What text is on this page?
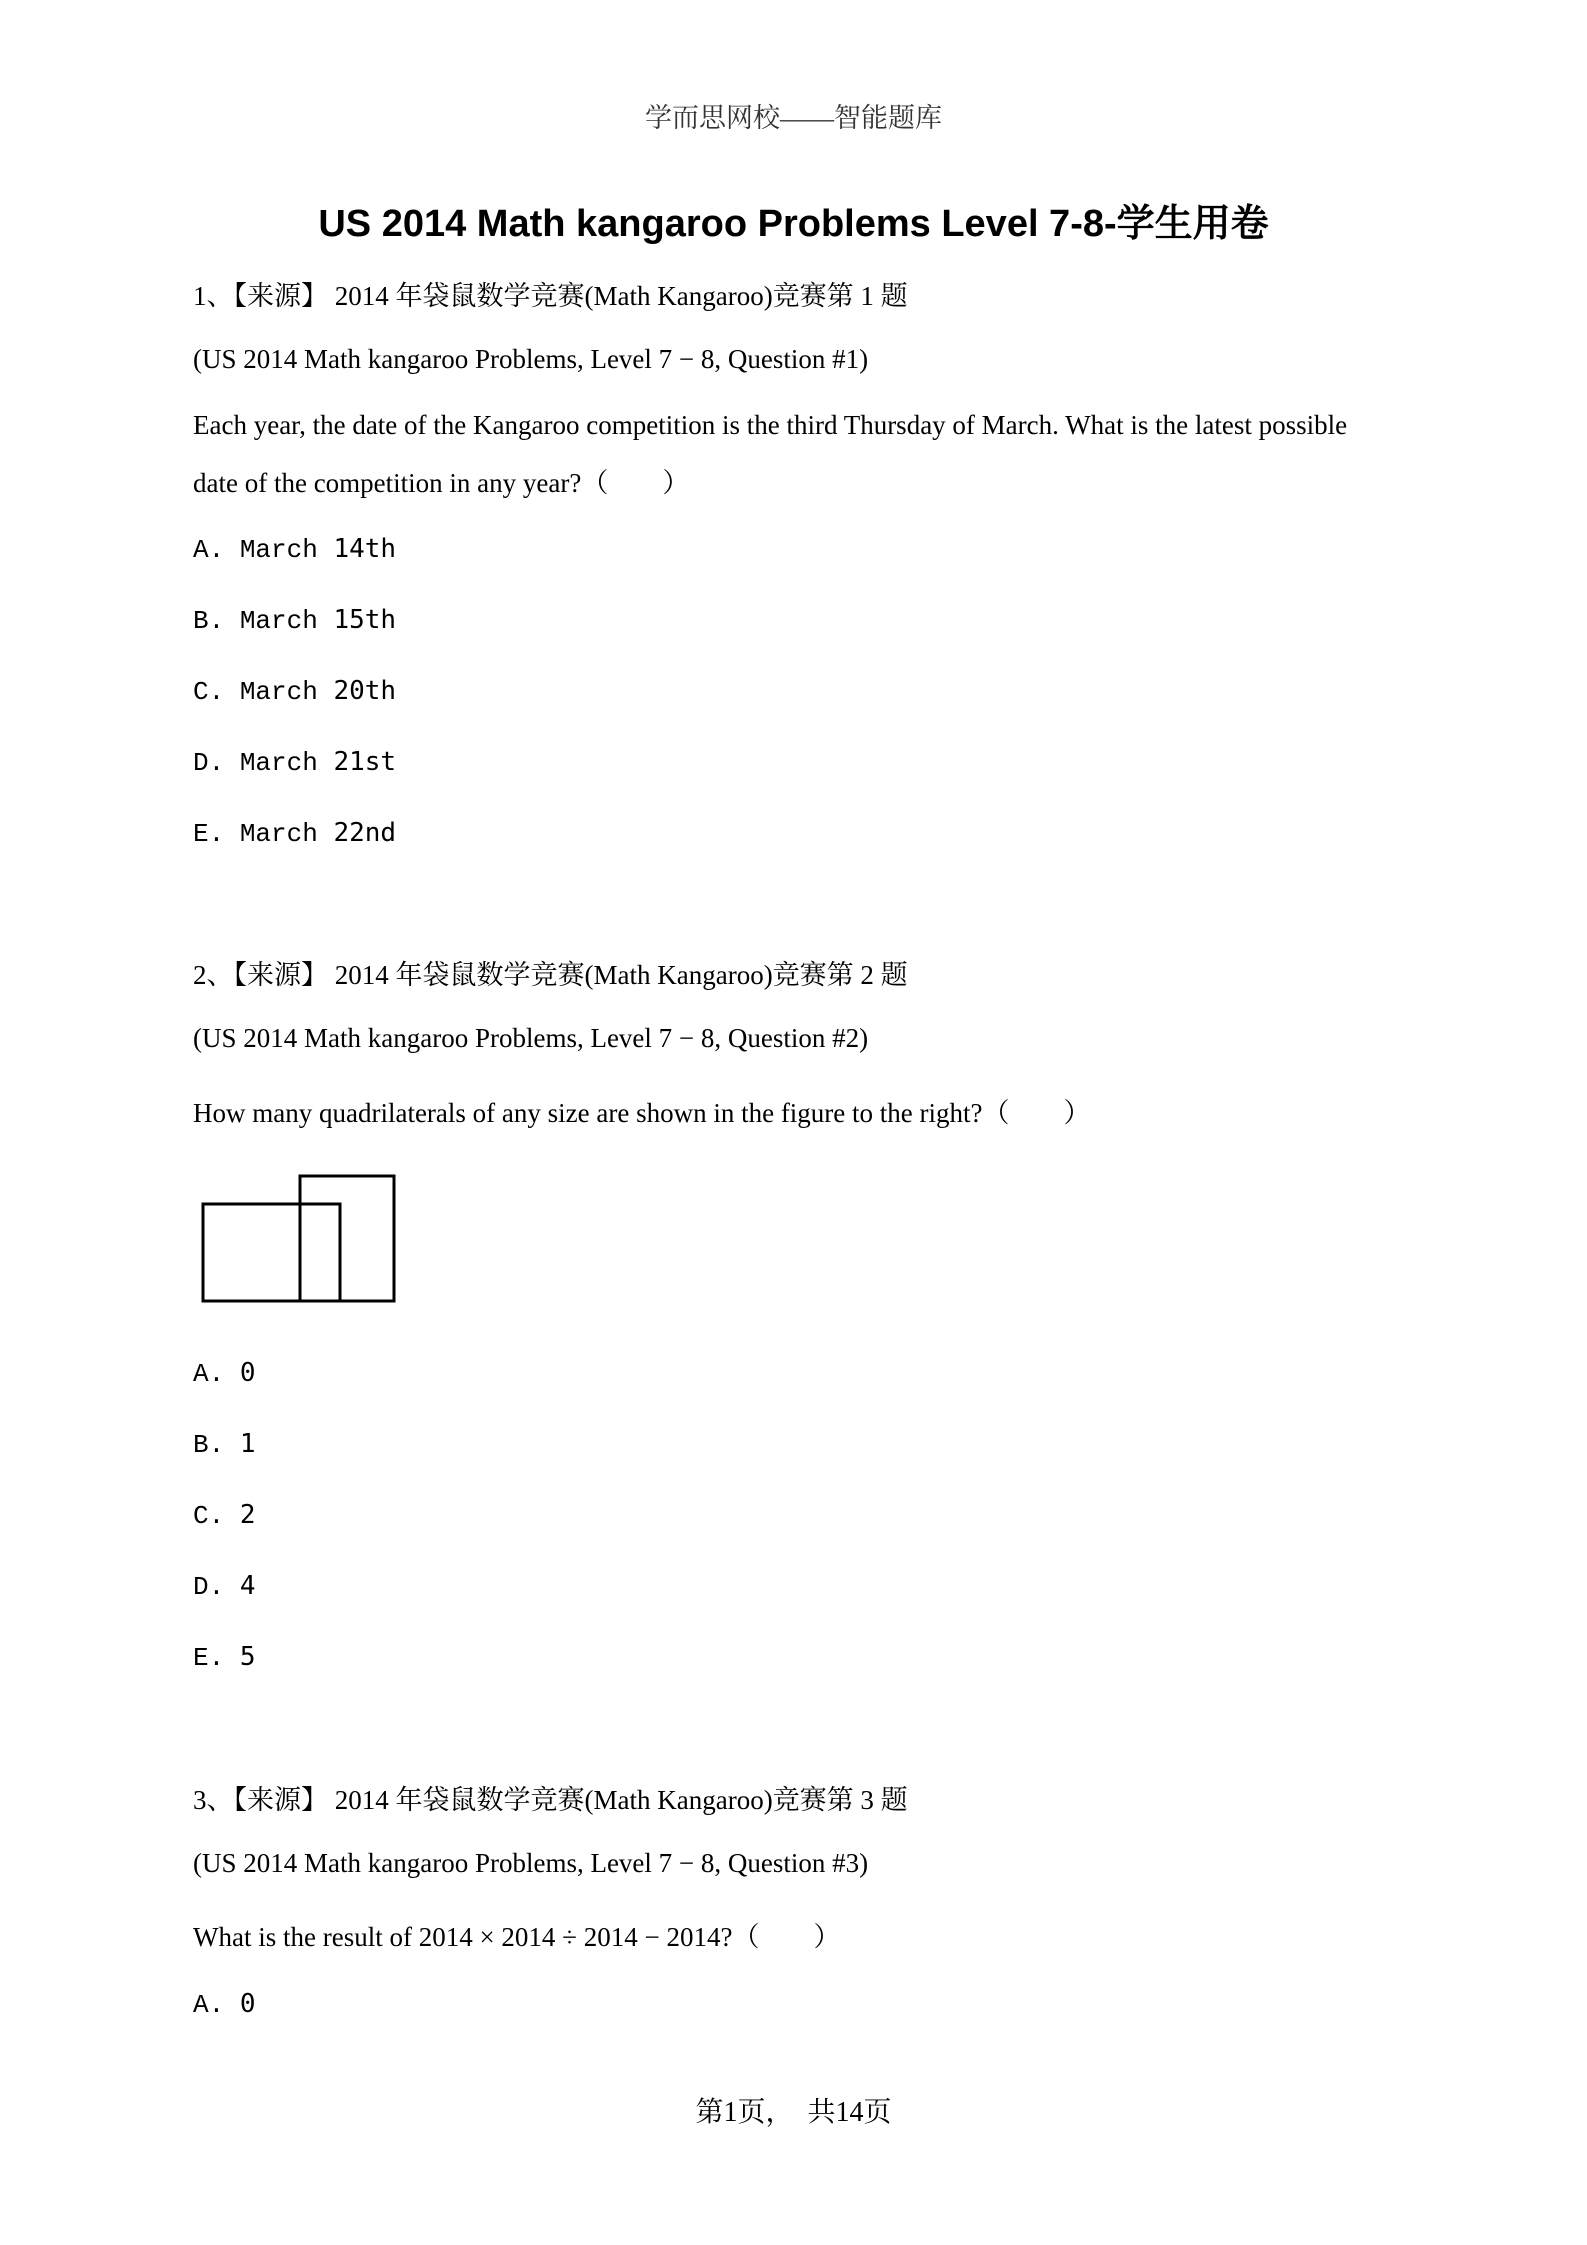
学而思网校——智能题库
US 2014 Math kangaroo Problems Level 7-8-学生用卷
1、【来源】 2014 年袋鼠数学竞赛(Math Kangaroo)竞赛第 1 题
(US 2014 Math kangaroo Problems, Level 7 − 8, Question #1)
Each year, the date of the Kangaroo competition is the third Thursday of March. What is the latest possible
date of the competition in any year?（　　）
A. March 14th
B. March 15th
C. March 20th
D. March 21st
E. March 22nd
2、【来源】 2014 年袋鼠数学竞赛(Math Kangaroo)竞赛第 2 题
(US 2014 Math kangaroo Problems, Level 7 − 8, Question #2)
How many quadrilaterals of any size are shown in the figure to the right?（　　）
A. 0
B. 1
C. 2
D. 4
E. 5
3、【来源】 2014 年袋鼠数学竞赛(Math Kangaroo)竞赛第 3 题
(US 2014 Math kangaroo Problems, Level 7 − 8, Question #3)
What is the result of 2014 × 2014 ÷ 2014 − 2014?（　　）
A. 0
第1页，　共14页
